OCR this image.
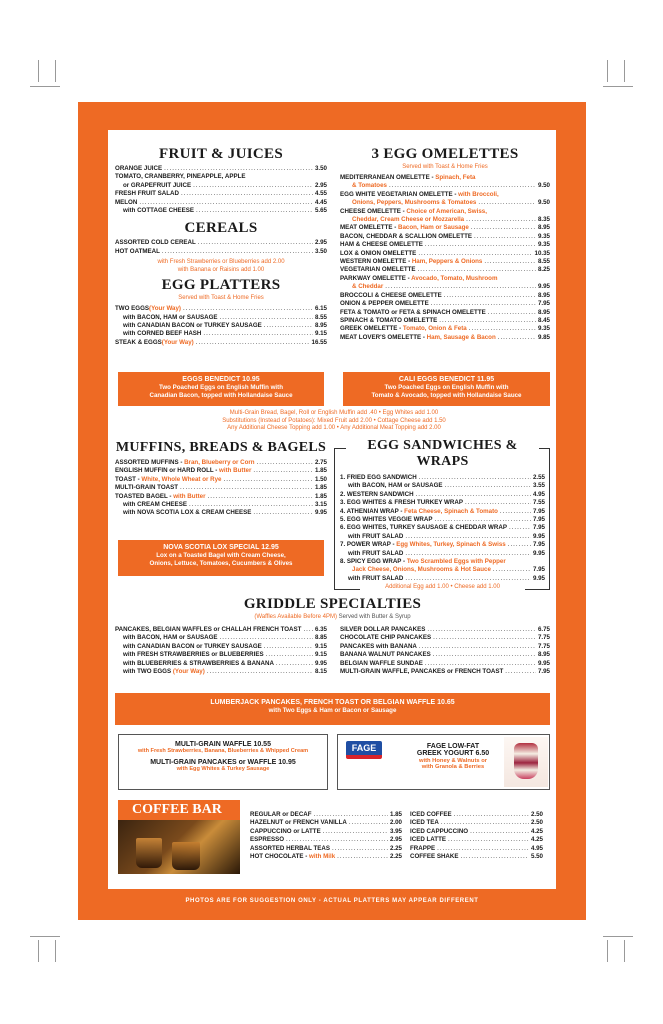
FRUIT & JUICES
ORANGE JUICE .....	3.50
TOMATO, CRANBERRY, PINEAPPLE, APPLE
or GRAPEFRUIT JUICE .....	2.95
FRESH FRUIT SALAD .....	4.55
MELON .....	4.45
with COTTAGE CHEESE .....	5.65
CEREALS
ASSORTED COLD CEREAL .....	2.95
HOT OATMEAL .....	3.50
with Fresh Strawberries or Blueberries add 2.00
with Banana or Raisins add 1.00
EGG PLATTERS
Served with Toast & Home Fries
TWO EGGS(Your Way) .....	6.15
with BACON, HAM or SAUSAGE .....	8.55
with CANADIAN BACON or TURKEY SAUSAGE .....	8.95
with CORNED BEEF HASH .....	9.15
STEAK & EGGS(Your Way) .....	16.55
EGGS BENEDICT 10.95
Two Poached Eggs on English Muffin with
Canadian Bacon, topped with Hollandaise Sauce
3 EGG OMELETTES
Served with Toast & Home Fries
MEDITERRANEAN OMELETTE - Spinach, Feta
& Tomatoes .....	9.50
EGG WHITE VEGETARIAN OMELETTE - with Broccoli,
Onions, Peppers, Mushrooms & Tomatoes .....	9.50
CHEESE OMELETTE - Choice of American, Swiss,
Cheddar, Cream Cheese or Mozzarella .....	8.35
MEAT OMELETTE - Bacon, Ham or Sausage .....	8.95
BACON, CHEDDAR & SCALLION OMELETTE .....	9.35
HAM & CHEESE OMELETTE .....	9.35
LOX & ONION OMELETTE .....	10.35
WESTERN OMELETTE - Ham, Peppers & Onions .....	8.55
VEGETARIAN OMELETTE .....	8.25
PARKWAY OMELETTE - Avocado, Tomato, Mushroom
& Cheddar .....	9.95
BROCCOLI & CHEESE OMELETTE .....	8.95
ONION & PEPPER OMELETTE .....	7.95
FETA & TOMATO or FETA & SPINACH OMELETTE .....	8.95
SPINACH & TOMATO OMELETTE .....	8.45
GREEK OMELETTE - Tomato, Onion & Feta .....	9.35
MEAT LOVER'S OMELETTE - Ham, Sausage & Bacon .....	9.85
CALI EGGS BENEDICT 11.95
Two Poached Eggs on English Muffin with
Tomato & Avocado, topped with Hollandaise Sauce
Multi-Grain Bread, Bagel, Roll or English Muffin add .40 • Egg Whites add 1.00
Substitutions (Instead of Potatoes): Mixed Fruit add 2.00 • Cottage Cheese add 1.50
Any Additional Cheese Topping add 1.00 • Any Additional Meat Topping add 2.00
MUFFINS, BREADS & BAGELS
ASSORTED MUFFINS - Bran, Blueberry or Corn .....	2.75
ENGLISH MUFFIN or HARD ROLL - with Butter .....	1.85
TOAST - White, Whole Wheat or Rye .....	1.50
MULTI-GRAIN TOAST .....	1.85
TOASTED BAGEL - with Butter .....	1.85
with CREAM CHEESE .....	3.15
with NOVA SCOTIA LOX & CREAM CHEESE .....	9.95
NOVA SCOTIA LOX SPECIAL 12.95
Lox on a Toasted Bagel with Cream Cheese,
Onions, Lettuce, Tomatoes, Cucumbers & Olives
EGG SANDWICHES & WRAPS
1. FRIED EGG SANDWICH .....	2.55
with BACON, HAM or SAUSAGE .....	3.55
2. WESTERN SANDWICH .....	4.95
3. EGG WHITES & FRESH TURKEY WRAP .....	7.55
4. ATHENIAN WRAP - Feta Cheese, Spinach & Tomato .....	7.95
5. EGG WHITES VEGGIE WRAP .....	7.95
6. EGG WHITES, TURKEY SAUSAGE & CHEDDAR WRAP .....	7.95
with FRUIT SALAD .....	9.95
7. POWER WRAP - Egg Whites, Turkey, Spinach & Swiss .....	7.95
with FRUIT SALAD .....	9.95
8. SPICY EGG WRAP - Two Scrambled Eggs with Pepper
Jack Cheese, Onions, Mushrooms & Hot Sauce .....	7.95
with FRUIT SALAD .....	9.95
Additional Egg add 1.00 • Cheese add 1.00
GRIDDLE SPECIALTIES
(Waffles Available Before 4PM) Served with Butter & Syrup
PANCAKES, BELGIAN WAFFLES or CHALLAH FRENCH TOAST ..... 6.35
with BACON, HAM or SAUSAGE .....	8.85
with CANADIAN BACON or TURKEY SAUSAGE .....	9.15
with FRESH STRAWBERRIES or BLUEBERRIES .....	9.15
with BLUEBERRIES & STRAWBERRIES & BANANA .....	9.95
with TWO EGGS (Your Way) .....	8.15
SILVER DOLLAR PANCAKES .....	6.75
CHOCOLATE CHIP PANCAKES .....	7.75
PANCAKES with BANANA .....	7.75
BANANA WALNUT PANCAKES .....	8.95
BELGIAN WAFFLE SUNDAE .....	9.95
MULTI-GRAIN WAFFLE, PANCAKES or FRENCH TOAST .....	7.95
LUMBERJACK PANCAKES, FRENCH TOAST OR BELGIAN WAFFLE 10.65
with Two Eggs & Ham or Bacon or Sausage
MULTI-GRAIN WAFFLE 10.55
with Fresh Strawberries, Banana, Blueberries & Whipped Cream
MULTI-GRAIN PANCAKES or WAFFLE 10.95
with Egg Whites & Turkey Sausage
FAGE	FAGE LOW-FAT
GREEK YOGURT 6.50
with Honey & Walnuts or
with Granola & Berries
COFFEE BAR	REGULAR or DECAF .....	1.85
HAZELNUT or FRENCH VANILLA .....	2.00
CAPPUCCINO or LATTE .....	3.95
ESPRESSO .....	2.95
ASSORTED HERBAL TEAS .....	2.25
HOT CHOCOLATE - with Milk .....	2.25
ICED COFFEE .....	2.50
ICED TEA .....	2.50
ICED CAPPUCCINO .....	4.25
ICED LATTE .....	4.25
FRAPPE .....	4.95
COFFEE SHAKE .....	5.50
PHOTOS ARE FOR SUGGESTION ONLY - ACTUAL PLATTERS MAY APPEAR DIFFERENT
